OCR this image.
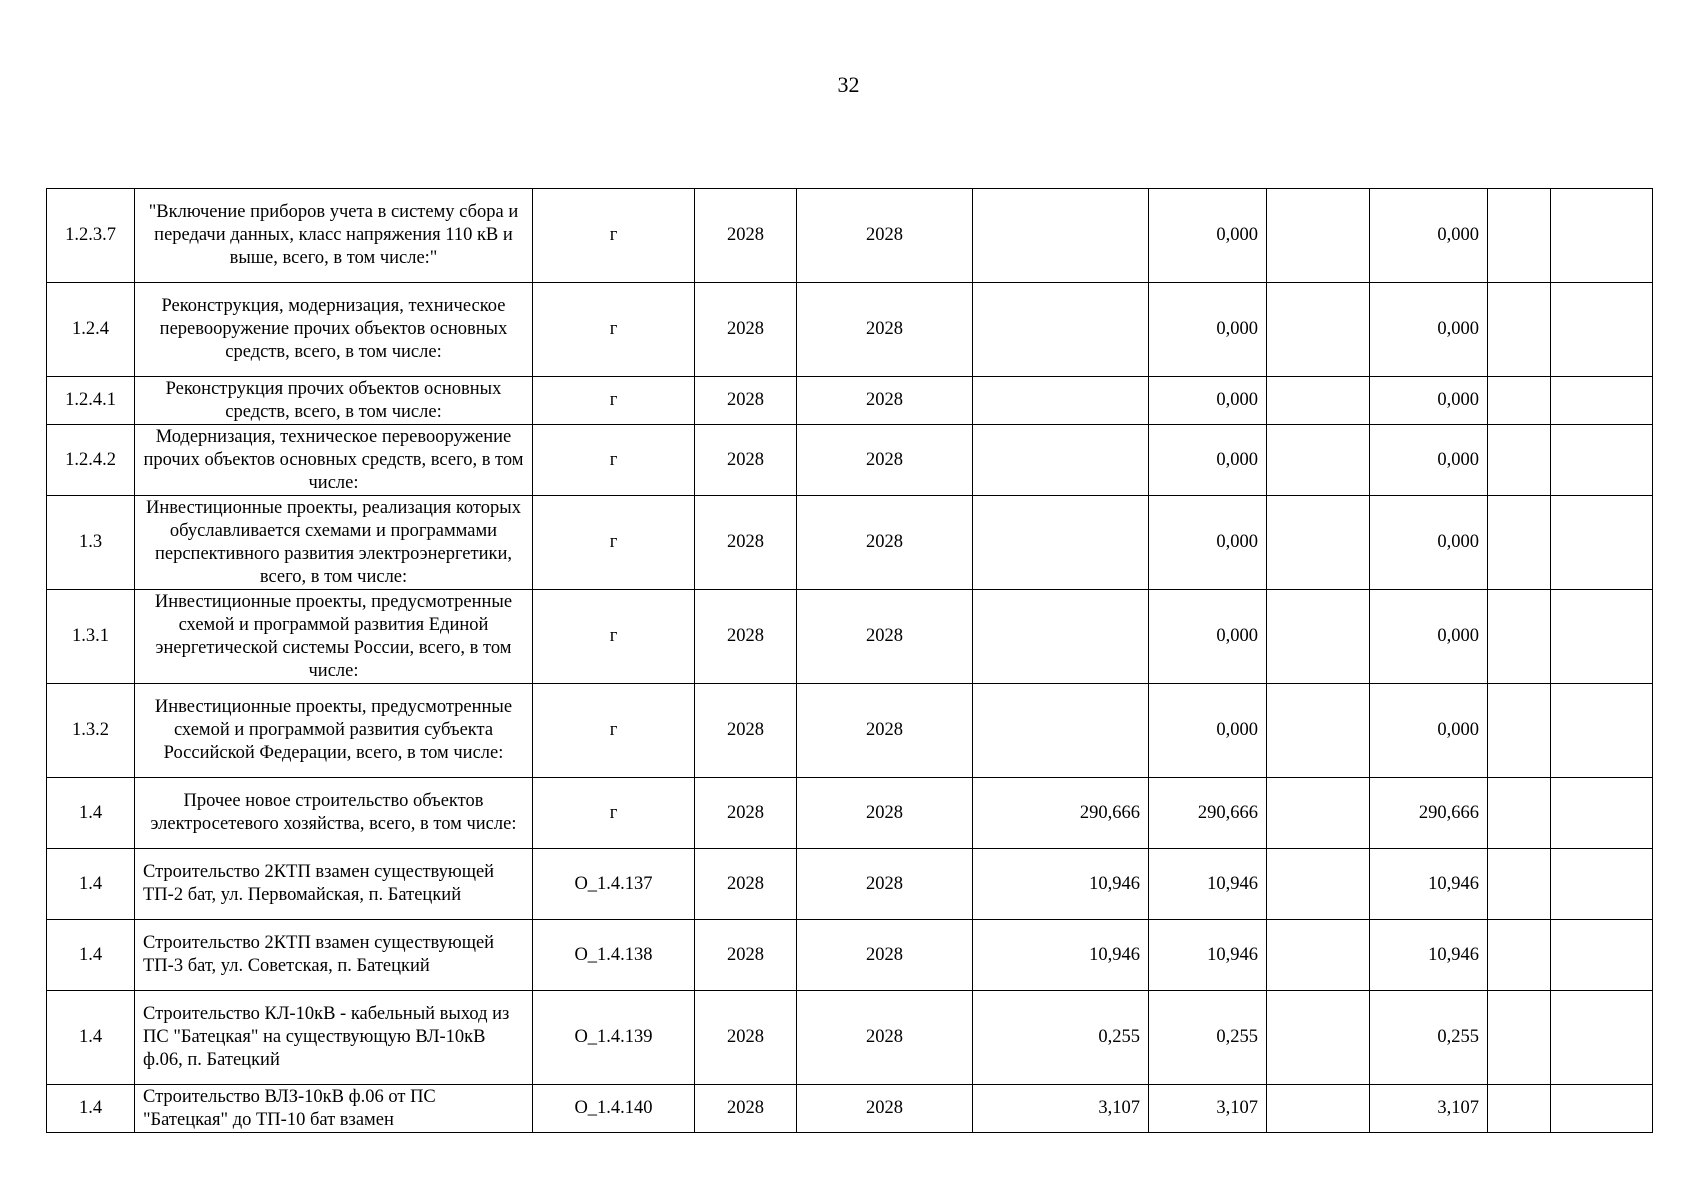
32
1.2.3.7	"Включение приборов учета в систему сбора и передачи данных, класс напряжения 110 кВ и выше, всего, в том числе:"	г	2028	2028		0,000		0,000		
1.2.4	Реконструкция, модернизация, техническое перевооружение прочих объектов основных средств, всего, в том числе:	г	2028	2028		0,000		0,000		
1.2.4.1	Реконструкция прочих объектов основных средств, всего, в том числе:	г	2028	2028		0,000		0,000		
1.2.4.2	Модернизация, техническое перевооружение прочих объектов основных средств, всего, в том числе:	г	2028	2028		0,000		0,000		
1.3	Инвестиционные проекты, реализация которых обуславливается схемами и программами перспективного развития электроэнергетики, всего, в том числе:	г	2028	2028		0,000		0,000		
1.3.1	Инвестиционные проекты, предусмотренные схемой и программой развития Единой энергетической системы России, всего, в том числе:	г	2028	2028		0,000		0,000		
1.3.2	Инвестиционные проекты, предусмотренные схемой и программой развития субъекта Российской Федерации, всего, в том числе:	г	2028	2028		0,000		0,000		
1.4	Прочее новое строительство объектов электросетевого хозяйства, всего, в том числе:	г	2028	2028	290,666	290,666		290,666		
1.4	Строительство 2КТП взамен существующей ТП-2 бат, ул. Первомайская, п. Батецкий	О_1.4.137	2028	2028	10,946	10,946		10,946		
1.4	Строительство 2КТП взамен существующей ТП-3 бат, ул. Советская, п. Батецкий	О_1.4.138	2028	2028	10,946	10,946		10,946		
1.4	Строительство КЛ-10кВ - кабельный выход из ПС "Батецкая" на существующую ВЛ-10кВ ф.06, п. Батецкий	О_1.4.139	2028	2028	0,255	0,255		0,255		
1.4	Строительство ВЛЗ-10кВ ф.06 от ПС "Батецкая" до ТП-10 бат взамен	О_1.4.140	2028	2028	3,107	3,107		3,107		
